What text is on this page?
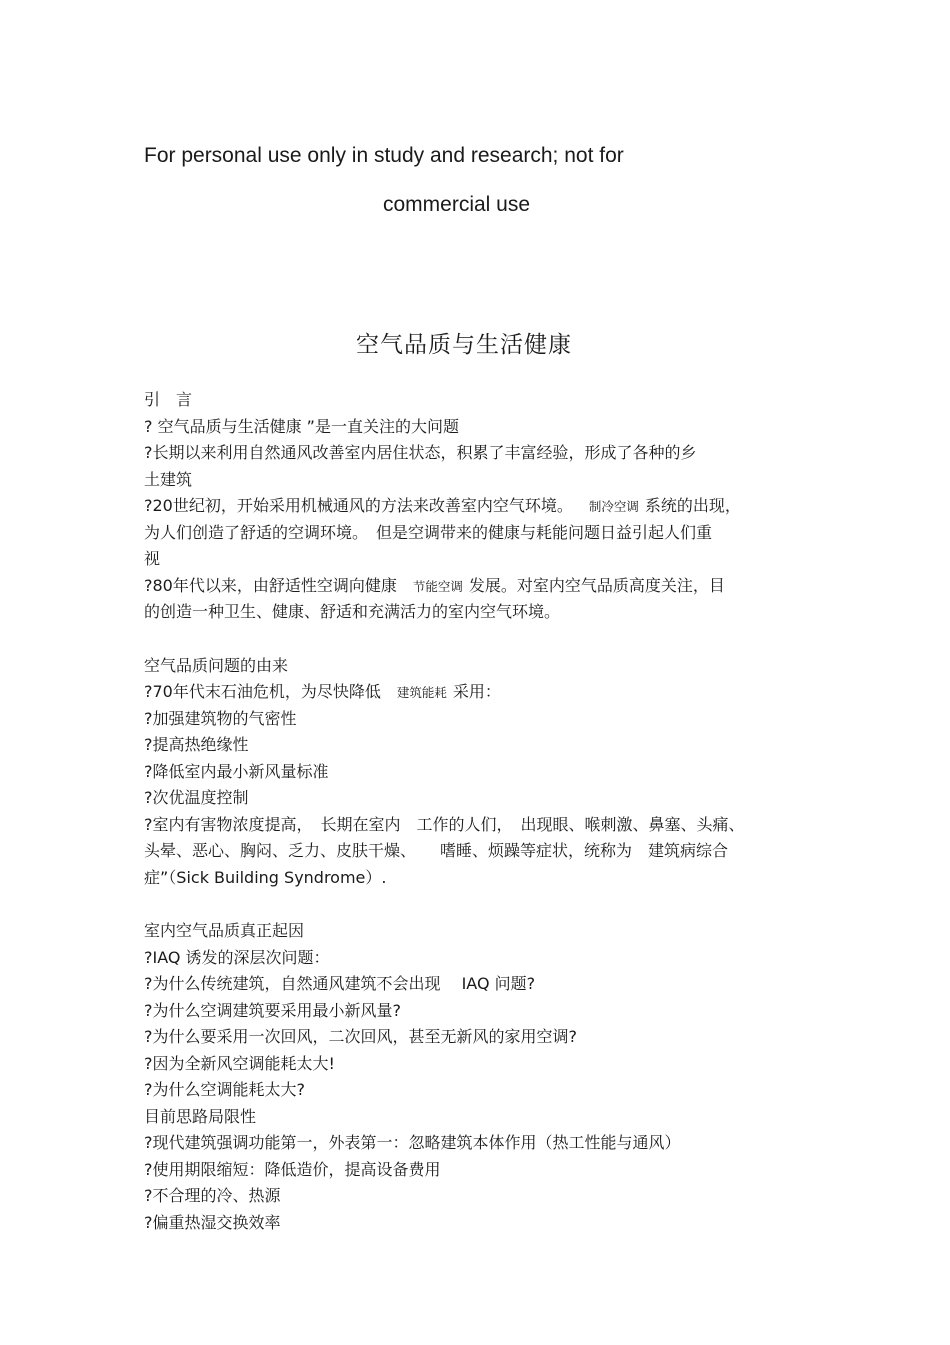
For personal use only in study and research; not for
commercial use
空气品质与生活健康
引　言
? 空气品质与生活健康 ”是一直关注的大问题
?长期以来利用自然通风改善室内居住状态，积累了丰富经验，形成了各种的乡
土建筑
?20世纪初，开始采用机械通风的方法来改善室内空气环境。 制冷空调 系统的出现，
为人们创造了舒适的空调环境。　但是空调带来的健康与耗能问题日益引起人们重
视
?80年代以来，由舒适性空调向健康 节能空调 发展。对室内空气品质高度关注，目
的创造一种卫生、健康、舒适和充满活力的室内空气环境。
空气品质问题的由来
?70年代末石油危机，为尽快降低 建筑能耗 采用：
?加强建筑物的气密性
?提高热绝缘性
?降低室内最小新风量标准
?次优温度控制
?室内有害物浓度提高，　长期在室内　工作的人们，　出现眼、喉刺激、鼻塞、头痛、
头晕、恶心、胸闷、乏力、皮肤干燥、　　嗜睡、烦躁等症状，统称为　建筑病综合
症”（Sick Building Syndrome）.
室内空气品质真正起因
?IAQ 诱发的深层次问题：
?为什么传统建筑，自然通风建筑不会出现　 IAQ 问题?
?为什么空调建筑要采用最小新风量?
?为什么要采用一次回风，二次回风，甚至无新风的家用空调?
?因为全新风空调能耗太大!
?为什么空调能耗太大?
目前思路局限性
?现代建筑强调功能第一，外表第一：忽略建筑本体作用（热工性能与通风）
?使用期限缩短：降低造价，提高设备费用
?不合理的冷、热源
?偏重热湿交换效率
